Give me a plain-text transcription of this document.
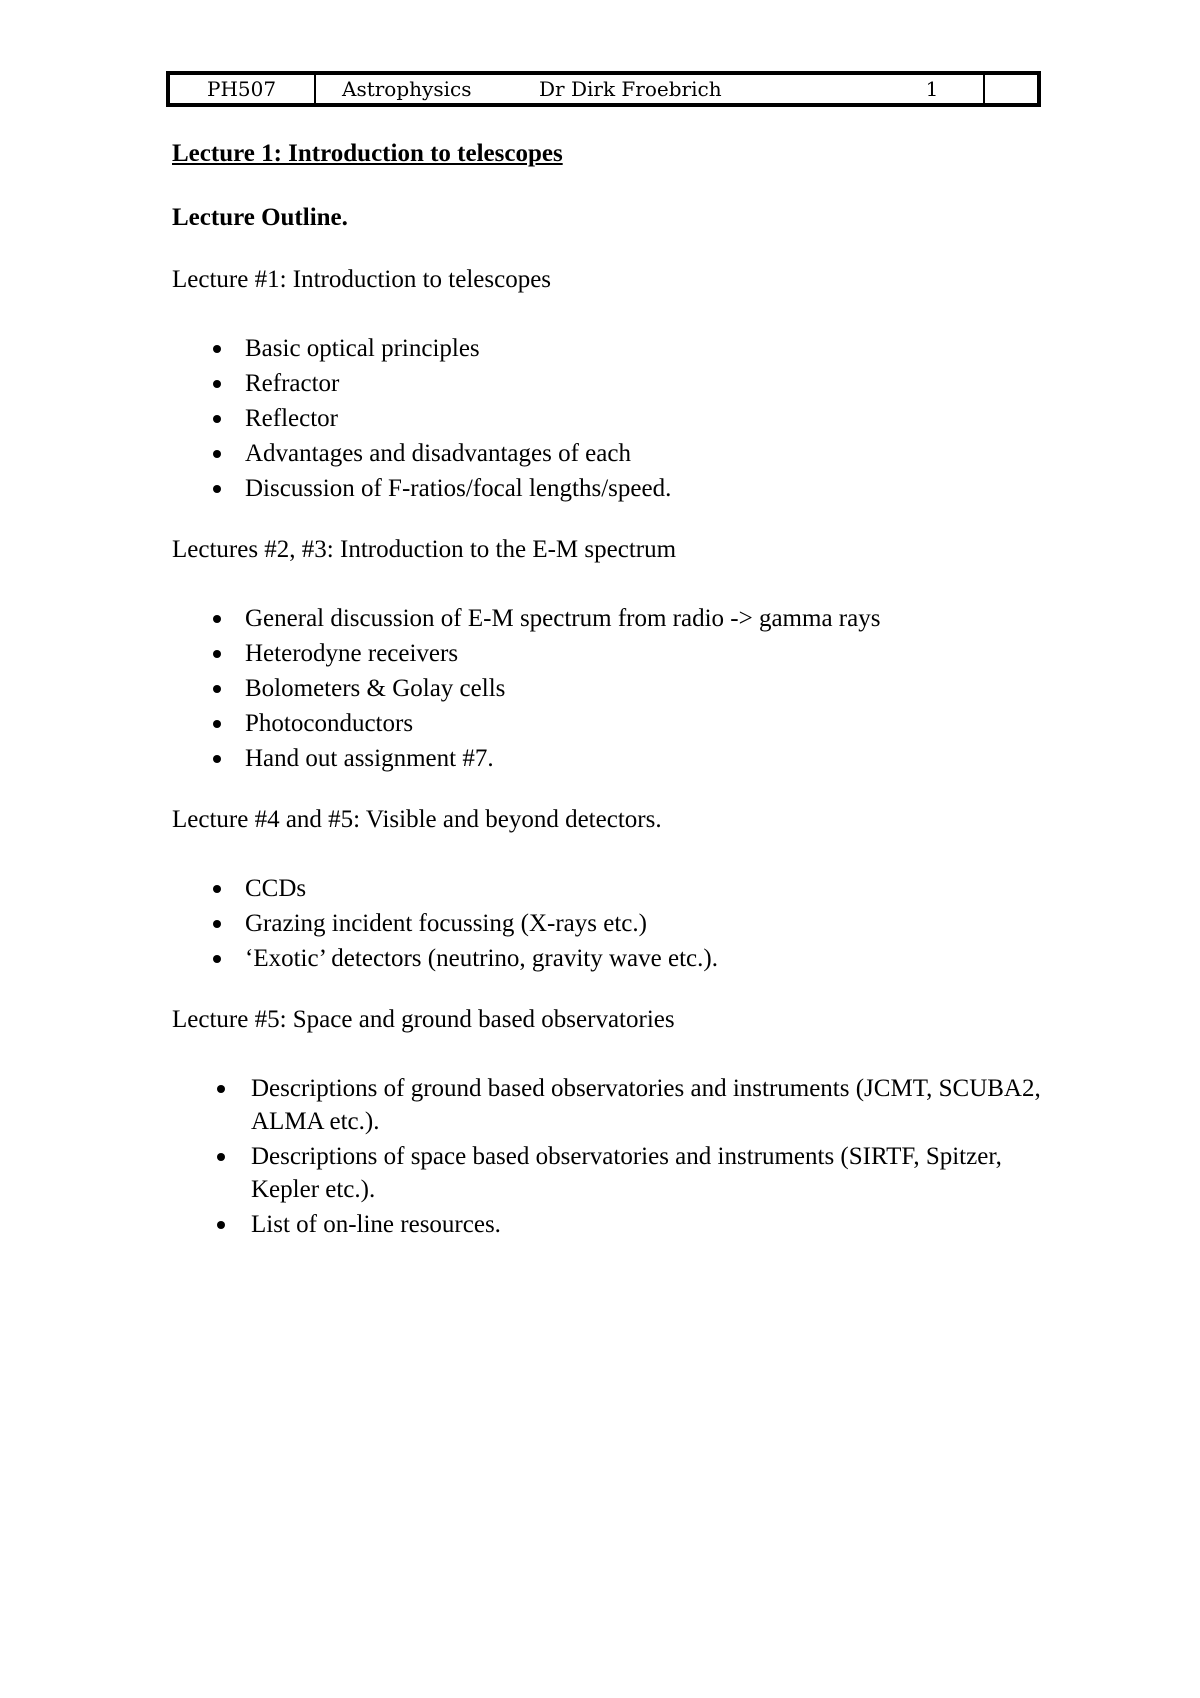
PH507	Astrophysics	Dr Dirk Froebrich	1
Lecture 1: Introduction to telescopes
Lecture Outline.
Lecture #1: Introduction to telescopes
Basic optical principles
Refractor
Reflector
Advantages and disadvantages of each
Discussion of F-ratios/focal lengths/speed.
Lectures #2, #3: Introduction to the E-M spectrum
General discussion of E-M spectrum from radio -> gamma rays
Heterodyne receivers
Bolometers & Golay cells
Photoconductors
Hand out assignment #7.
Lecture #4 and #5: Visible and beyond detectors.
CCDs
Grazing incident focussing (X-rays etc.)
‘Exotic’ detectors (neutrino, gravity wave etc.).
Lecture #5: Space and ground based observatories
Descriptions of ground based observatories and instruments (JCMT, SCUBA2, ALMA etc.).
Descriptions of space based observatories and instruments (SIRTF, Spitzer, Kepler etc.).
List of on-line resources.
